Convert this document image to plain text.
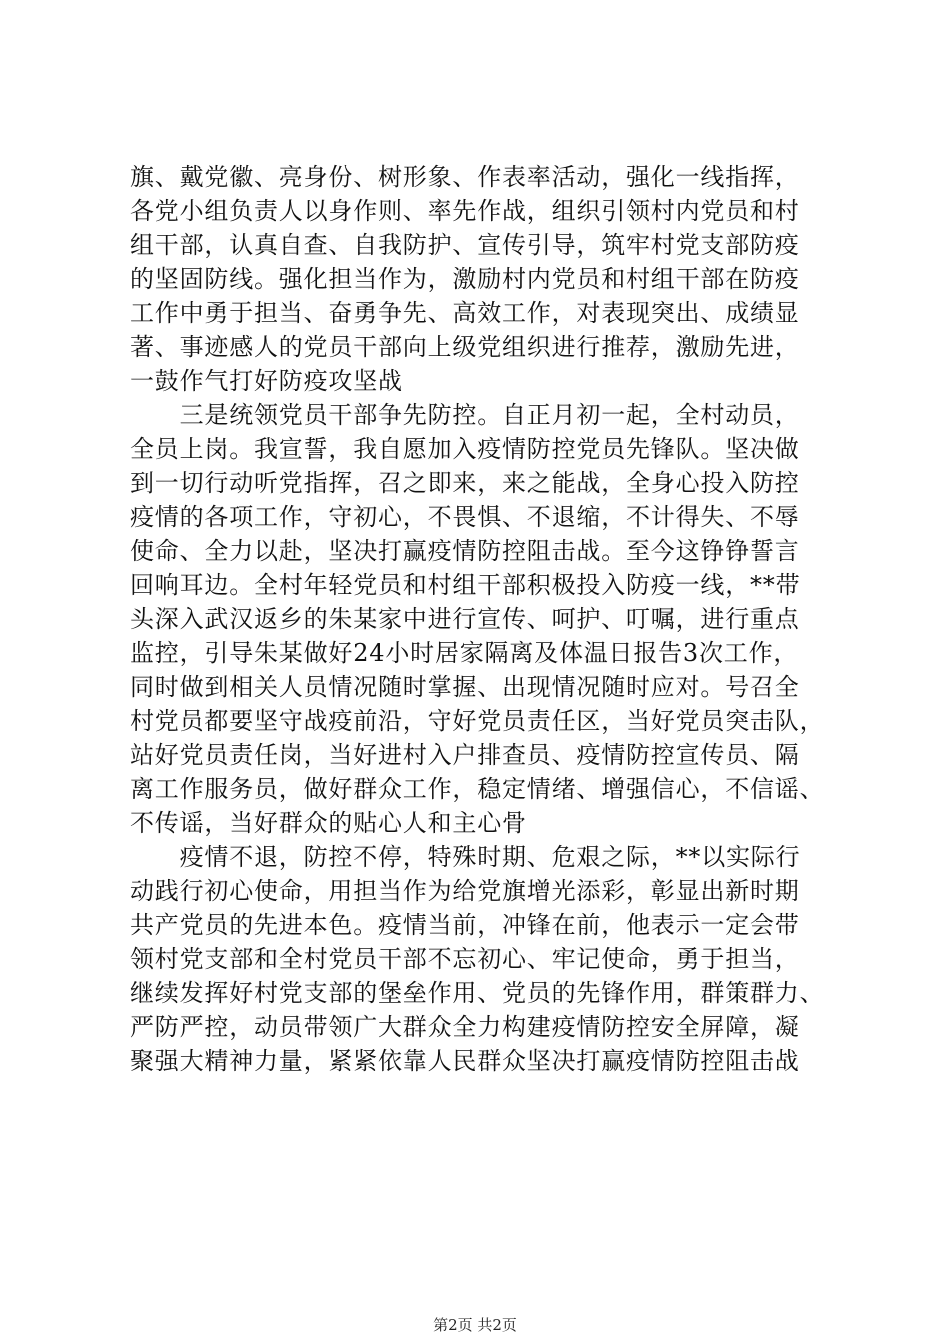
旗、戴党徽、亮身份、树形象、作表率活动，强化一线指挥，
各党小组负责人以身作则、率先作战，组织引领村内党员和村
组干部，认真自查、自我防护、宣传引导，筑牢村党支部防疫
的坚固防线。强化担当作为，激励村内党员和村组干部在防疫
工作中勇于担当、奋勇争先、高效工作，对表现突出、成绩显
著、事迹感人的党员干部向上级党组织进行推荐，激励先进，
一鼓作气打好防疫攻坚战
　　三是统领党员干部争先防控。自正月初一起，全村动员，
全员上岗。我宣誓，我自愿加入疫情防控党员先锋队。坚决做
到一切行动听党指挥，召之即来，来之能战，全身心投入防控
疫情的各项工作，守初心，不畏惧、不退缩，不计得失、不辱
使命、全力以赴，坚决打赢疫情防控阻击战。至今这铮铮誓言
回响耳边。全村年轻党员和村组干部积极投入防疫一线，**带
头深入武汉返乡的朱某家中进行宣传、呵护、叮嘱，进行重点
监控，引导朱某做好24小时居家隔离及体温日报告3次工作，
同时做到相关人员情况随时掌握、出现情况随时应对。号召全
村党员都要坚守战疫前沿，守好党员责任区，当好党员突击队，
站好党员责任岗，当好进村入户排查员、疫情防控宣传员、隔
离工作服务员，做好群众工作，稳定情绪、增强信心，不信谣、
不传谣，当好群众的贴心人和主心骨
　　疫情不退，防控不停，特殊时期、危艰之际，**以实际行
动践行初心使命，用担当作为给党旗增光添彩，彰显出新时期
共产党员的先进本色。疫情当前，冲锋在前，他表示一定会带
领村党支部和全村党员干部不忘初心、牢记使命，勇于担当，
继续发挥好村党支部的堡垒作用、党员的先锋作用，群策群力、
严防严控，动员带领广大群众全力构建疫情防控安全屏障，凝
聚强大精神力量，紧紧依靠人民群众坚决打赢疫情防控阻击战
第2页 共2页
